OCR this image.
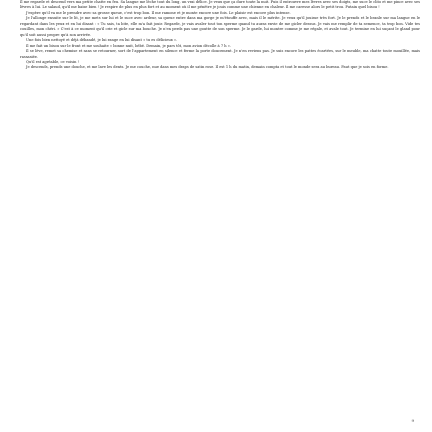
Il me regarde et descend vers ma petite chatte en feu. Sa langue me lèche tout du long, un vrai délice. Je veux que ça dure toute la nuit. Puis il entrouvre mes lèvres avec ses doigts, me suce le clito et me pince avec ses lèvres à lui. Le salaud, qu'il me baise bien ! Je respire de plus en plus fort et au moment où il me pénètre je jouis comme une chienne en chaleur. Il me caresse alors le petit trou. Putain quel bisou !

J'espère qu'il va me le prendre avec sa grosse queue, c'est trop bon. Il me ramone et je monte encore une fois. Le plaisir est encore plus intense.

Je l'allonge ensuite sur le lit, je me mets sur lui et le suce avec ardeur, sa queue entre dans ma gorge je m'étouffe avec, mais il le mérite. Je veux qu'il jouisse très fort. Je le prends et le branle sur ma langue en le regardant dans les yeux et en lui disant : « Tu sais, ta bite, elle m'a fait jouir. Regarde, je vais avaler tout ton sperme quand tu auras envie de me gicler dessus. Je vais me remplir de ta semence, ta trop bon. Vide tes couilles, mon chéri. » C'est à ce moment qu'il crie et gicle sur ma bouche. Je n'en perds pas une goutte de son sperme. Je le garde, lui montre comme je me régale, et avale tout. Je termine en lui suçant le gland pour qu'il soit aussi propre qu'à son arrivée.

Une fois bien nettoyé et déjà débandé, je lui range en lui disant « tu es délicieux ».

Il me fait un bisou sur le front et me souhaite « bonne nuit, bébé. Demain, je pars tôt, mon avion décolle à 7 h ».

Il se lève, remet sa chemise et sans se retourner, sort de l'appartement en silence et ferme la porte doucement. Je n'en reviens pas. Je suis encore les pattes écartées, sur le meuble, ma chatte toute mouillée, mais rassasiée.

Qu'il est agréable, ce voisin !

Je descends, prends une douche, et me lave les dents. Je me couche, nue dans mes draps de satin rose. Il est 1 h du matin, demain compta et tout le monde sera au bureau. Faut que je sois en forme.

9
